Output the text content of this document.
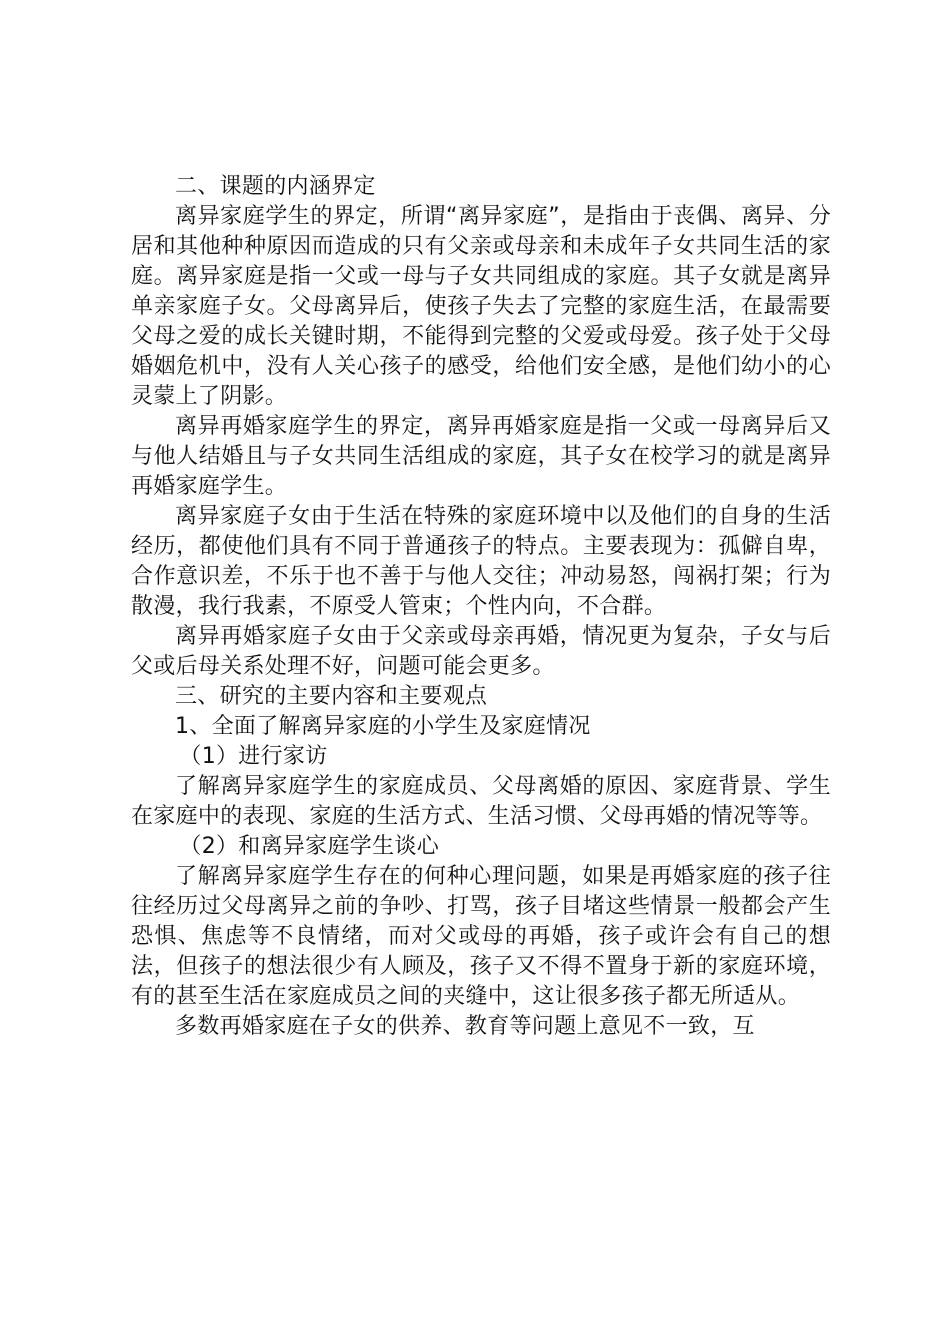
二、课题的内涵界定

离异家庭学生的界定，所谓“离异家庭”，是指由于丧偶、离异、分居和其他种种原因而造成的只有父亲或母亲和未成年子女共同生活的家庭。离异家庭是指一父或一母与子女共同组成的家庭。其子女就是离异单亲家庭子女。父母离异后，使孩子失去了完整的家庭生活，在最需要父母之爱的成长关键时期，不能得到完整的父爱或母爱。孩子处于父母婚姻危机中，没有人关心孩子的感受，给他们安全感，是他们幼小的心灵蒙上了阴影。

离异再婚家庭学生的界定，离异再婚家庭是指一父或一母离异后又与他人结婚且与子女共同生活组成的家庭，其子女在校学习的就是离异再婚家庭学生。

离异家庭子女由于生活在特殊的家庭环境中以及他们的自身的生活经历，都使他们具有不同于普通孩子的特点。主要表现为：孤僻自卑，合作意识差，不乐于也不善于与他人交往；冲动易怒，闯祸打架；行为散漫，我行我素，不原受人管束；个性内向，不合群。

离异再婚家庭子女由于父亲或母亲再婚，情况更为复杂，子女与后父或后母关系处理不好，问题可能会更多。

三、研究的主要内容和主要观点

1、全面了解离异家庭的小学生及家庭情况

（1）进行家访

了解离异家庭学生的家庭成员、父母离婚的原因、家庭背景、学生在家庭中的表现、家庭的生活方式、生活习惯、父母再婚的情况等等。

（2）和离异家庭学生谈心

了解离异家庭学生存在的何种心理问题，如果是再婚家庭的孩子往往经历过父母离异之前的争吵、打骂，孩子目堵这些情景一般都会产生恐惧、焦虑等不良情绪，而对父或母的再婚，孩子或许会有自己的想法，但孩子的想法很少有人顾及，孩子又不得不置身于新的家庭环境，有的甚至生活在家庭成员之间的夹缝中，这让很多孩子都无所适从。

多数再婚家庭在子女的供养、教育等问题上意见不一致，互
